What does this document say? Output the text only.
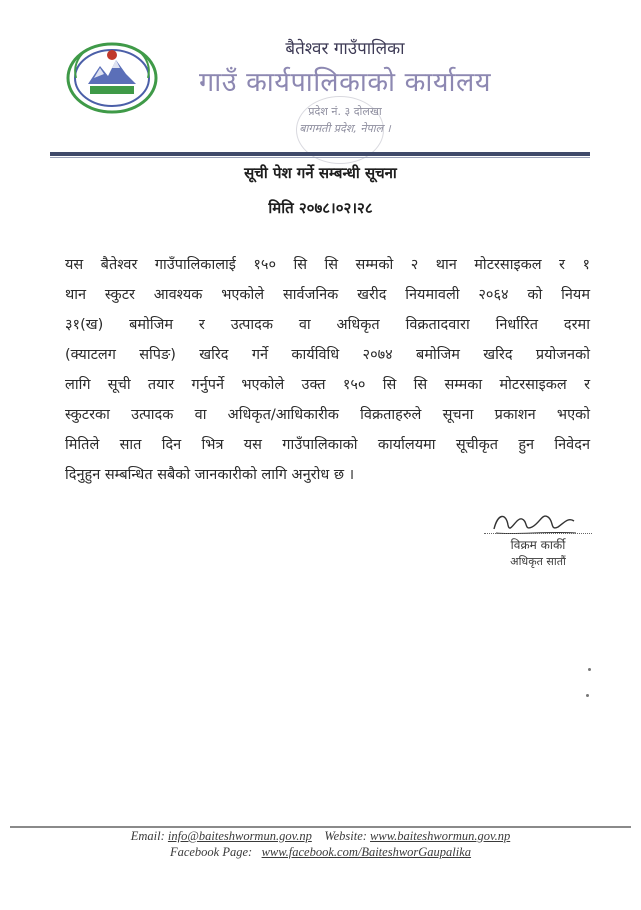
बैतेश्वर गाउँपालिका
गाउँ कार्यपालिकाको कार्यालय
प्रदेश नं. ३ दोलखा
बागमती प्रदेश, नेपाल ।
सूची पेश गर्ने सम्बन्धी सूचना
मिति २०७८।०२।२८
यस बैतेश्वर गाउँपालिकालाई १५० सि सि सम्मको २ थान मोटरसाइकल र १
थान स्कुटर आवश्यक भएकोले सार्वजनिक खरीद नियमावली २०६४ को नियम
३१(ख) बमोजिम र उत्पादक वा अधिकृत विक्रतादवारा निर्धारित दरमा
(क्याटलग सपिङ) खरिद गर्ने कार्यविधि २०७४ बमोजिम खरिद प्रयोजनको
लागि सूची तयार गर्नुपर्ने भएकोले उक्त १५० सि सि सम्मका मोटरसाइकल र
स्कुटरका उत्पादक वा अधिकृत/आधिकारीक विक्रताहरुले सूचना प्रकाशन भएको
मितिले सात दिन भित्र यस गाउँपालिकाको कार्यालयमा सूचीकृत हुन निवेदन
दिनुहुन सम्बन्धित सबैको जानकारीको लागि अनुरोध छ ।
विक्रम कार्की
अधिकृत सातौं
Email: info@baiteshwormun.gov.np Website: www.baiteshwormun.gov.np
Facebook Page: www.facebook.com/BaiteshworGaupalika
